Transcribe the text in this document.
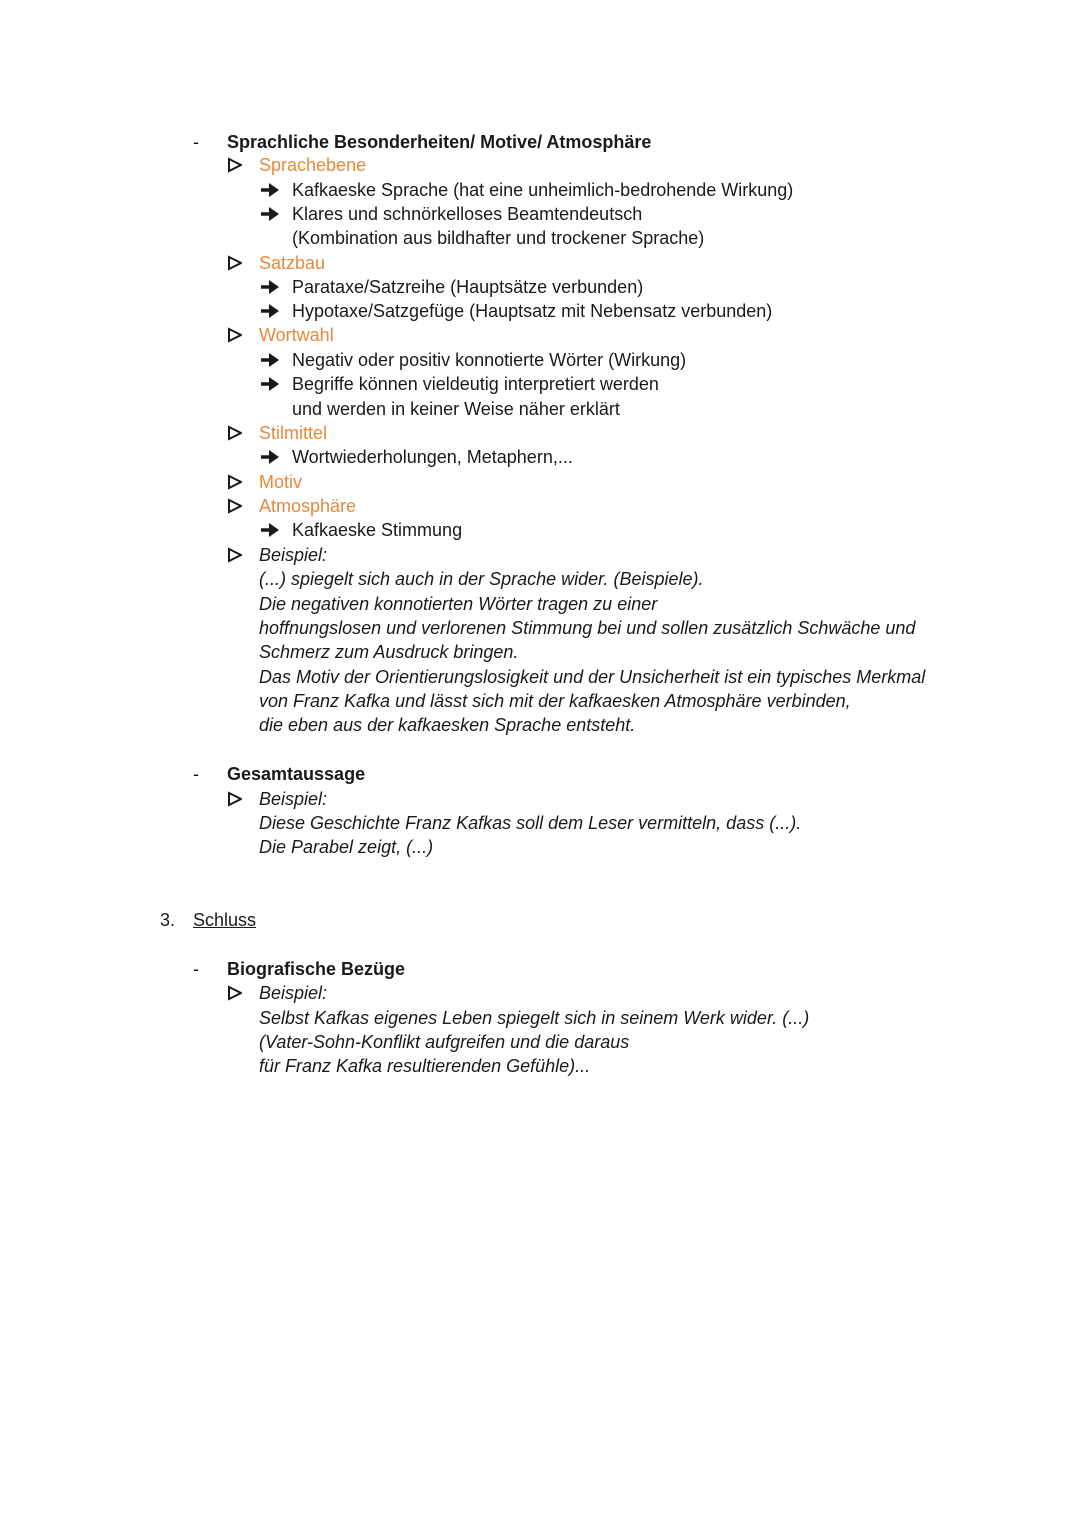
- Sprachliche Besonderheiten/ Motive/ Atmosphäre
Sprachebene
Kafkaeske Sprache (hat eine unheimlich-bedrohende Wirkung)
Klares und schnörkelloses Beamtendeutsch
(Kombination aus bildhafter und trockener Sprache)
Satzbau
Parataxe/Satzreihe (Hauptsätze verbunden)
Hypotaxe/Satzgefüge (Hauptsatz mit Nebensatz verbunden)
Wortwahl
Negativ oder positiv konnotierte Wörter (Wirkung)
Begriffe können vieldeutig interpretiert werden
und werden in keiner Weise näher erklärt
Stilmittel
Wortwiederholungen, Metaphern,...
Motiv
Atmosphäre
Kafkaeske Stimmung
Beispiel:
(...) spiegelt sich auch in der Sprache wider. (Beispiele).
Die negativen konnotierten Wörter tragen zu einer
hoffnungslosen und verlorenen Stimmung bei und sollen zusätzlich Schwäche und
Schmerz zum Ausdruck bringen.
Das Motiv der Orientierungslosigkeit und der Unsicherheit ist ein typisches Merkmal
von Franz Kafka und lässt sich mit der kafkaesken Atmosphäre verbinden,
die eben aus der kafkaesken Sprache entsteht.
- Gesamtaussage
Beispiel:
Diese Geschichte Franz Kafkas soll dem Leser vermitteln, dass (...).
Die Parabel zeigt, (...)
3. Schluss
- Biografische Bezüge
Beispiel:
Selbst Kafkas eigenes Leben spiegelt sich in seinem Werk wider. (...)
(Vater-Sohn-Konflikt aufgreifen und die daraus
für Franz Kafka resultierenden Gefühle)...
